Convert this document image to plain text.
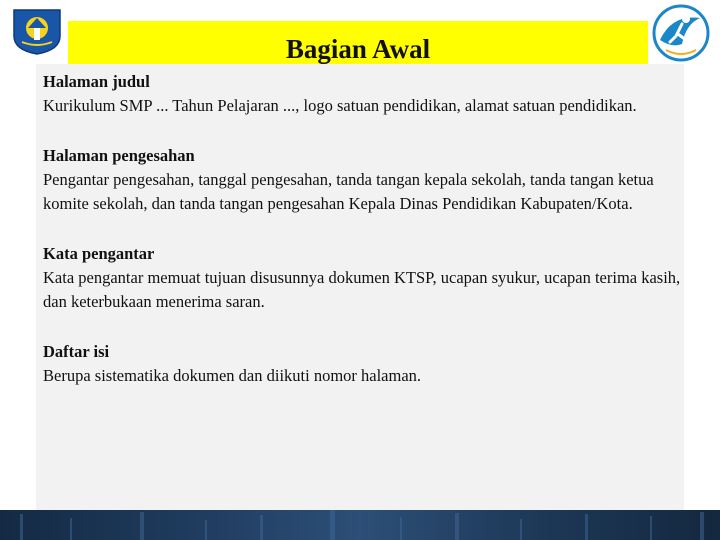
Bagian Awal
Halaman judul
Kurikulum SMP ... Tahun Pelajaran ..., logo satuan pendidikan, alamat satuan pendidikan.
Halaman pengesahan
Pengantar pengesahan, tanggal pengesahan, tanda tangan kepala sekolah, tanda tangan ketua komite sekolah, dan tanda tangan pengesahan Kepala Dinas Pendidikan Kabupaten/Kota.
Kata pengantar
Kata pengantar memuat tujuan disusunnya dokumen KTSP, ucapan syukur, ucapan terima kasih, dan keterbukaan menerima saran.
Daftar isi
Berupa sistematika dokumen dan diikuti nomor halaman.
